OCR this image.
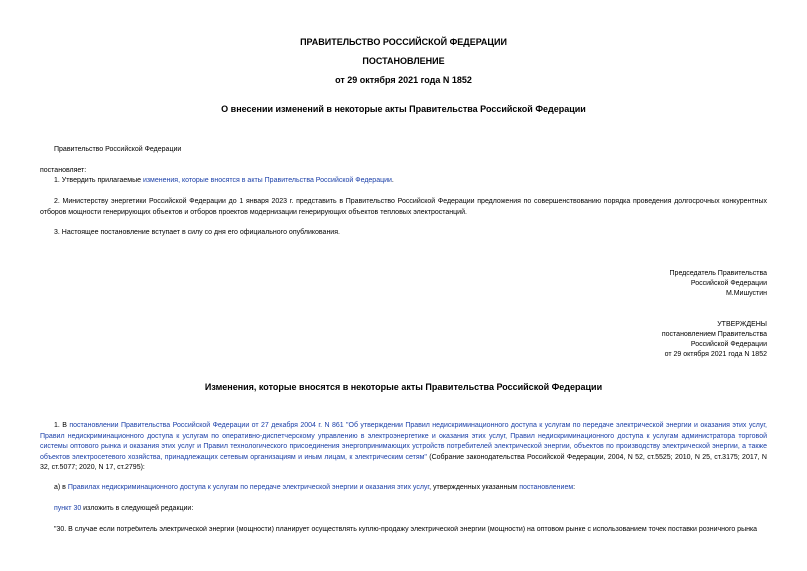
ПРАВИТЕЛЬСТВО РОССИЙСКОЙ ФЕДЕРАЦИИ
ПОСТАНОВЛЕНИЕ
от 29 октября 2021 года N 1852
О внесении изменений в некоторые акты Правительства Российской Федерации
Правительство Российской Федерации
постановляет:
1. Утвердить прилагаемые изменения, которые вносятся в акты Правительства Российской Федерации.
2. Министерству энергетики Российской Федерации до 1 января 2023 г. представить в Правительство Российской Федерации предложения по совершенствованию порядка проведения долгосрочных конкурентных отборов мощности генерирующих объектов и отборов проектов модернизации генерирующих объектов тепловых электростанций.
3. Настоящее постановление вступает в силу со дня его официального опубликования.
Председатель Правительства
Российской Федерации
М.Мишустин
УТВЕРЖДЕНЫ
постановлением Правительства
Российской Федерации
от 29 октября 2021 года N 1852
Изменения, которые вносятся в некоторые акты Правительства Российской Федерации
1. В постановлении Правительства Российской Федерации от 27 декабря 2004 г. N 861 "Об утверждении Правил недискриминационного доступа к услугам по передаче электрической энергии и оказания этих услуг, Правил недискриминационного доступа к услугам по оперативно-диспетчерскому управлению в электроэнергетике и оказания этих услуг, Правил недискриминационного доступа к услугам администратора торговой системы оптового рынка и оказания этих услуг и Правил технологического присоединения энергопринимающих устройств потребителей электрической энергии, объектов по производству электрической энергии, а также объектов электросетевого хозяйства, принадлежащих сетевым организациям и иным лицам, к электрическим сетям" (Собрание законодательства Российской Федерации, 2004, N 52, ст.5525; 2010, N 25, ст.3175; 2017, N 32, ст.5077; 2020, N 17, ст.2795):
а) в Правилах недискриминационного доступа к услугам по передаче электрической энергии и оказания этих услуг, утвержденных указанным постановлением:
пункт 30 изложить в следующей редакции:
"30. В случае если потребитель электрической энергии (мощности) планирует осуществлять куплю-продажу электрической энергии (мощности) на оптовом рынке с использованием точек поставки розничного рынка
